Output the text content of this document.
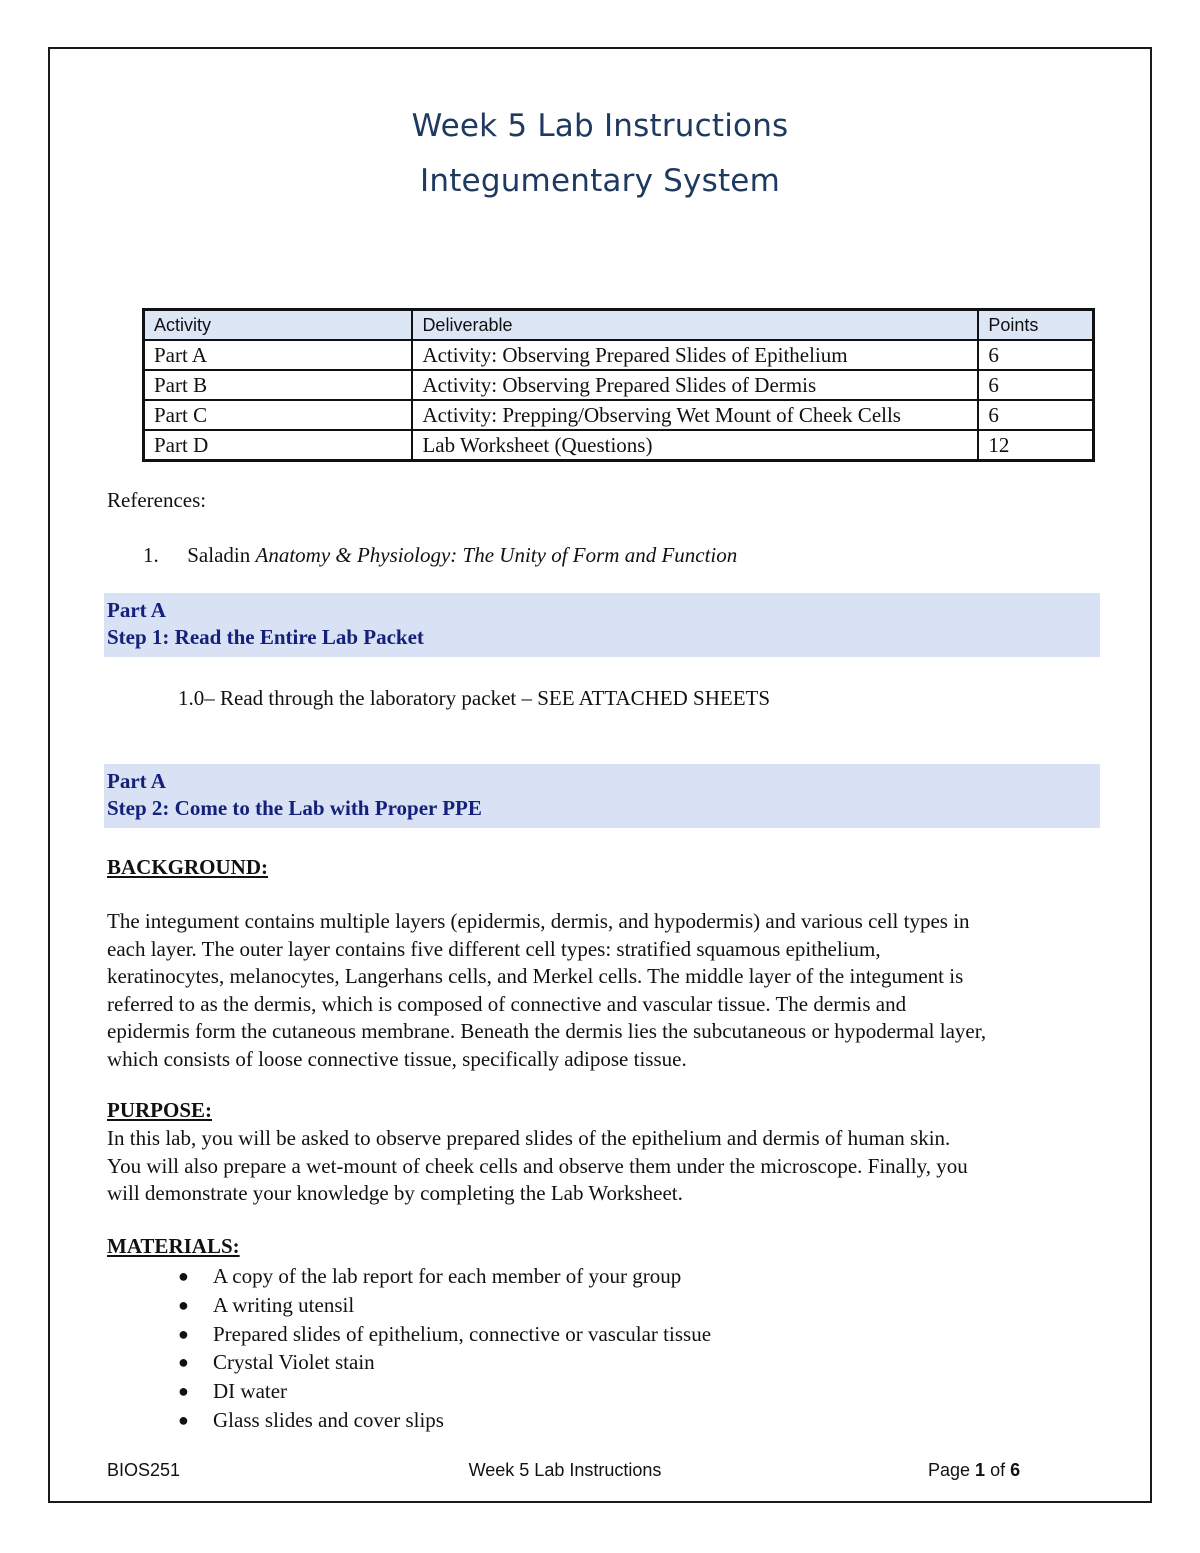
Week 5 Lab Instructions
Integumentary System
Activity	Deliverable	Points
Part A	Activity: Observing Prepared Slides of Epithelium	6
Part B	Activity: Observing Prepared Slides of Dermis	6
Part C	Activity: Prepping/Observing Wet Mount of Cheek Cells	6
Part D	Lab Worksheet (Questions)	12
References:
1. Saladin Anatomy & Physiology: The Unity of Form and Function
Part A
Step 1: Read the Entire Lab Packet
1.0– Read through the laboratory packet – SEE ATTACHED SHEETS
Part A
Step 2: Come to the Lab with Proper PPE
BACKGROUND:
The integument contains multiple layers (epidermis, dermis, and hypodermis) and various cell types in
each layer. The outer layer contains five different cell types: stratified squamous epithelium,
keratinocytes, melanocytes, Langerhans cells, and Merkel cells. The middle layer of the integument is
referred to as the dermis, which is composed of connective and vascular tissue. The dermis and
epidermis form the cutaneous membrane. Beneath the dermis lies the subcutaneous or hypodermal layer,
which consists of loose connective tissue, specifically adipose tissue.
PURPOSE:
In this lab, you will be asked to observe prepared slides of the epithelium and dermis of human skin.
You will also prepare a wet-mount of cheek cells and observe them under the microscope. Finally, you
will demonstrate your knowledge by completing the Lab Worksheet.
MATERIALS:
● A copy of the lab report for each member of your group
● A writing utensil
● Prepared slides of epithelium, connective or vascular tissue
● Crystal Violet stain
● DI water
● Glass slides and cover slips
BIOS251	Week 5 Lab Instructions	Page 1 of 6
